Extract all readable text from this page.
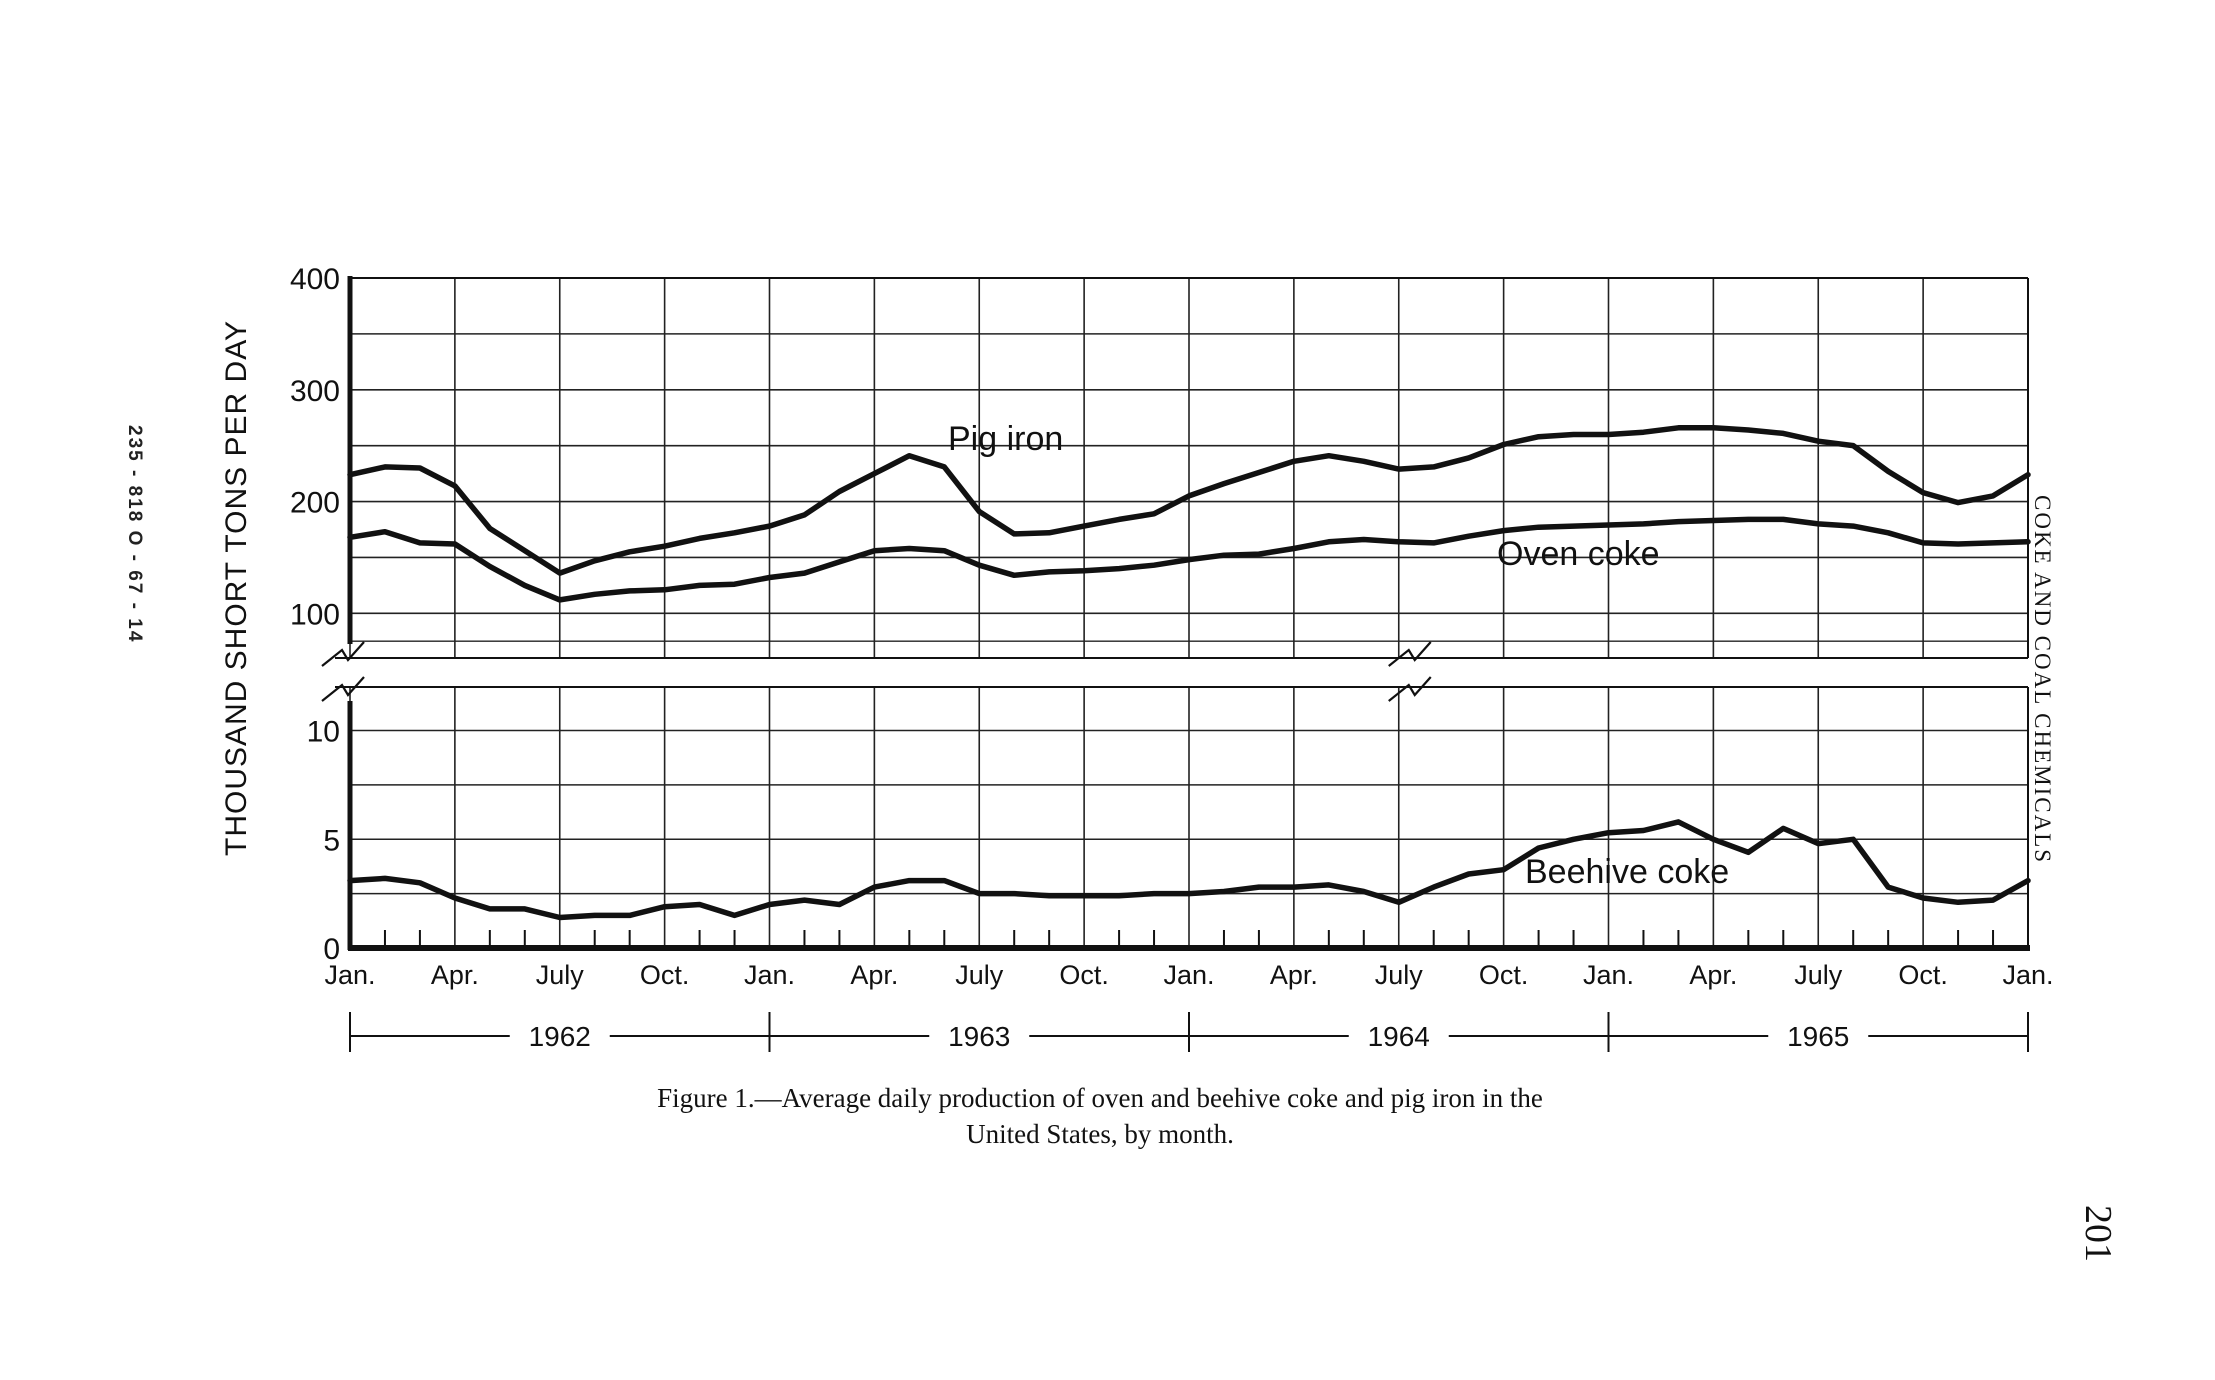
235 - 818 O - 67 - 14	COKE AND COAL CHEMICALS
201
100
200
300
400
0
5
10
THOUSAND SHORT TONS PER DAY
Jan. Apr. July Oct. Jan. Apr. July Oct. Jan. Apr. July Oct. Jan. Apr. July Oct. Jan.
1962	1963	1964	1965
Pig iron
Oven coke
Beehive coke
Figure 1.—Average daily production of oven and beehive coke and pig iron in the
United States, by month.
